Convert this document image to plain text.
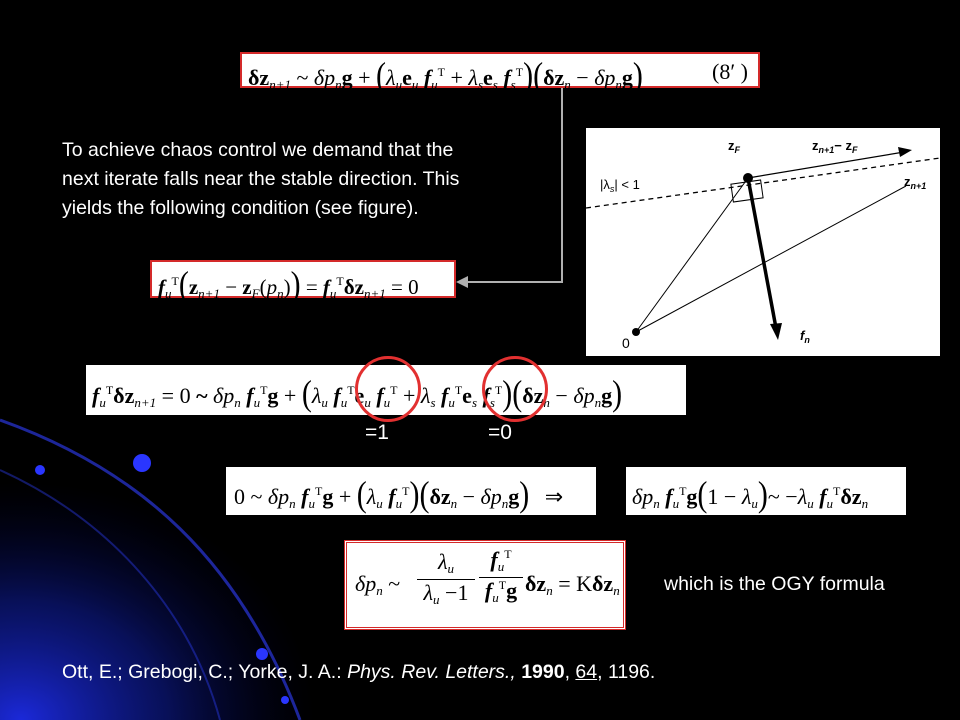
$\delta z_{n+1}$ ~ $\delta p_ng + (\lambda_ue_u$ $f_u^T + \lambda_se_s$ $f_s^T)(\delta z_n - \delta p_ng)$	(8′ )
To achieve chaos control we demand that the
next iterate falls near the stable direction. This
yields the following condition (see figure).
$f_u^T(z_{n+1} - z_F(p_n)) = f_u^T\delta z_{n+1} = 0$
$z_F$	$z_{n+1}- z_F$
$z_{n+1}$
$|\lambda_s| < 1$
$f_n$
0
$f_u^T\delta z_{n+1} = 0$ ~ $\delta p_n$ $f_u^Tg + (\lambda_u$ $f_u^Te_u$ $f_u^T + \lambda_s$ $f_u^Te_s$ $f_s^T)(\delta z_n - \delta p_ng)$
=1	=0
0 ~ $\delta p_n$ $f_u^Tg + (\lambda_u$ $f_u^T)(\delta z_n - \delta p_ng)$ ⇒	$\delta p_n$ $f_u^Tg(1$ − $\lambda_u)\sim -\lambda_u$ $f_u^T\delta z_n$
$\delta p_n$ ~
$\lambda_u$
$\lambda_u -1$
$f_u^T$
$f_u^Tg$ $\delta z_n = K\delta z_n$ which is the OGY formula
Ott, E.; Grebogi, C.; Yorke, J. A.: Phys. Rev. Letters., 1990, 64, 1196.
